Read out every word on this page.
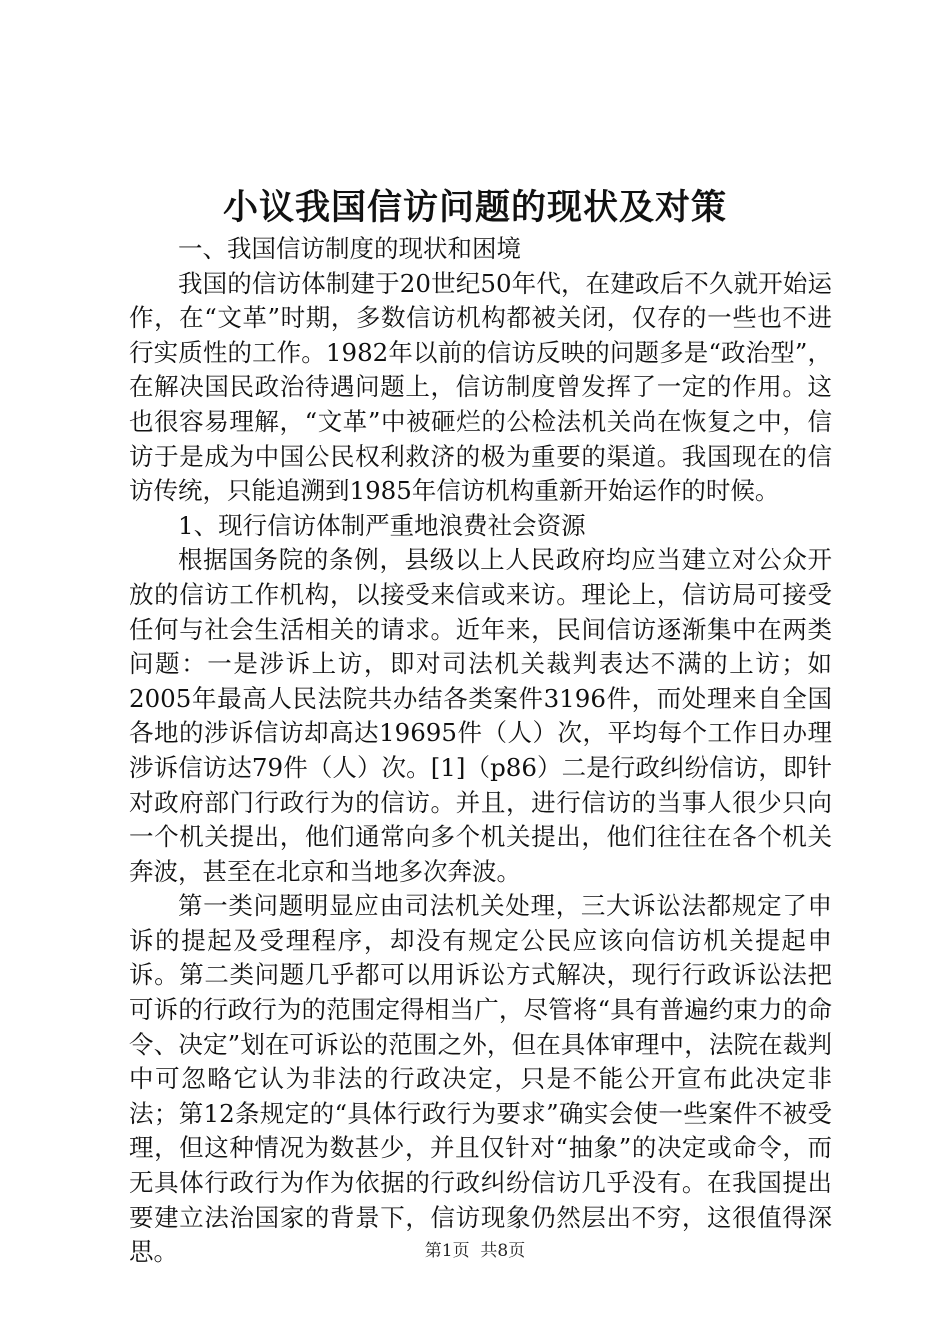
小议我国信访问题的现状及对策

一、我国信访制度的现状和困境

我国的信访体制建于20世纪50年代，在建政后不久就开始运作，在“文革”时期，多数信访机构都被关闭，仅存的一些也不进行实质性的工作。1982年以前的信访反映的问题多是“政治型”，在解决国民政治待遇问题上，信访制度曾发挥了一定的作用。这也很容易理解，“文革”中被砸烂的公检法机关尚在恢复之中，信访于是成为中国公民权利救济的极为重要的渠道。我国现在的信访传统，只能追溯到1985年信访机构重新开始运作的时候。

1、现行信访体制严重地浪费社会资源

根据国务院的条例，县级以上人民政府均应当建立对公众开放的信访工作机构，以接受来信或来访。理论上，信访局可接受任何与社会生活相关的请求。近年来，民间信访逐渐集中在两类问题：一是涉诉上访，即对司法机关裁判表达不满的上访；如2005年最高人民法院共办结各类案件3196件，而处理来自全国各地的涉诉信访却高达19695件（人）次，平均每个工作日办理涉诉信访达79件（人）次。[1]（p86）二是行政纠纷信访，即针对政府部门行政行为的信访。并且，进行信访的当事人很少只向一个机关提出，他们通常向多个机关提出，他们往往在各个机关奔波，甚至在北京和当地多次奔波。

第一类问题明显应由司法机关处理，三大诉讼法都规定了申诉的提起及受理程序，却没有规定公民应该向信访机关提起申诉。第二类问题几乎都可以用诉讼方式解决，现行行政诉讼法把可诉的行政行为的范围定得相当广，尽管将“具有普遍约束力的命令、决定”划在可诉讼的范围之外，但在具体审理中，法院在裁判中可忽略它认为非法的行政决定，只是不能公开宣布此决定非法；第12条规定的“具体行政行为要求”确实会使一些案件不被受理，但这种情况为数甚少，并且仅针对“抽象”的决定或命令，而无具体行政行为作为依据的行政纠纷信访几乎没有。在我国提出要建立法治国家的背景下，信访现象仍然层出不穷，这很值得深思。	第1页 共8页
